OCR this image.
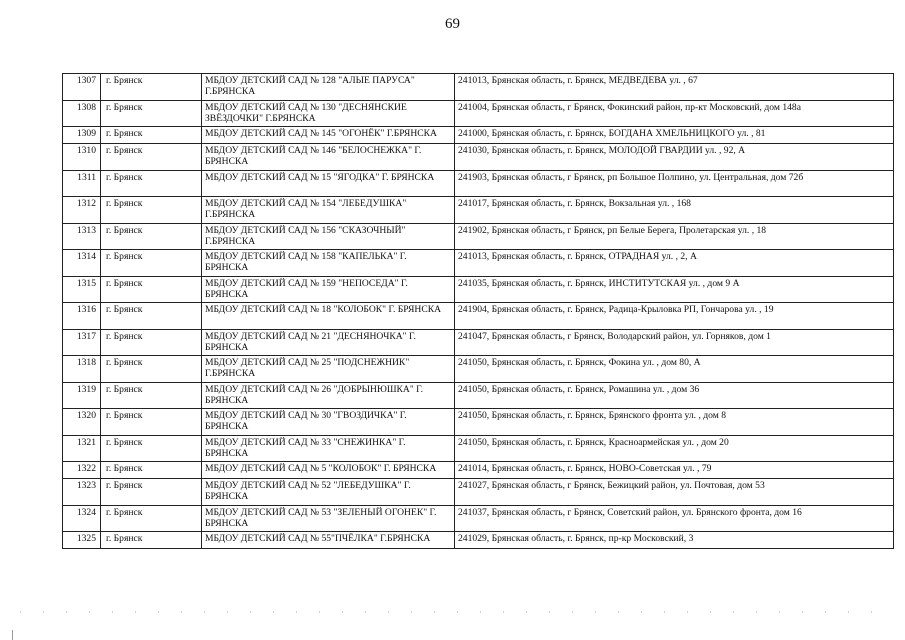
69
1307	г. Брянск	МБДОУ ДЕТСКИЙ САД № 128 "АЛЫЕ ПАРУСА" Г.БРЯНСКА	241013, Брянская область, г. Брянск, МЕДВЕДЕВА ул. , 67
1308	г. Брянск	МБДОУ ДЕТСКИЙ САД № 130 "ДЕСНЯНСКИЕ ЗВЁЗДОЧКИ" Г.БРЯНСКА	241004, Брянская область, г Брянск, Фокинский район, пр-кт Московский, дом 148а
1309	г. Брянск	МБДОУ ДЕТСКИЙ САД № 145 "ОГОНЁК" Г.БРЯНСКА	241000, Брянская область, г. Брянск, БОГДАНА ХМЕЛЬНИЦКОГО ул. , 81
1310	г. Брянск	МБДОУ ДЕТСКИЙ САД № 146 "БЕЛОСНЕЖКА" Г. БРЯНСКА	241030, Брянская область, г. Брянск, МОЛОДОЙ ГВАРДИИ ул. , 92, А
1311	г. Брянск	МБДОУ ДЕТСКИЙ САД № 15 "ЯГОДКА" Г. БРЯНСКА	241903, Брянская область, г Брянск, рп Большое Полпино, ул. Центральная, дом 72б
1312	г. Брянск	МБДОУ ДЕТСКИЙ САД № 154 "ЛЕБЕДУШКА" Г.БРЯНСКА	241017, Брянская область, г. Брянск, Вокзальная ул. , 168
1313	г. Брянск	МБДОУ ДЕТСКИЙ САД № 156 "СКАЗОЧНЫЙ" Г.БРЯНСКА	241902, Брянская область, г Брянск, рп Белые Берега, Пролетарская ул. , 18
1314	г. Брянск	МБДОУ ДЕТСКИЙ САД № 158 "КАПЕЛЬКА" Г. БРЯНСКА	241013, Брянская область, г. Брянск, ОТРАДНАЯ ул. , 2, А
1315	г. Брянск	МБДОУ ДЕТСКИЙ САД № 159 "НЕПОСЕДА" Г. БРЯНСКА	241035, Брянская область, г. Брянск, ИНСТИТУТСКАЯ ул. , дом 9 А
1316	г. Брянск	МБДОУ ДЕТСКИЙ САД № 18 "КОЛОБОК" Г. БРЯНСКА	241904, Брянская область, г. Брянск, Радица-Крыловка РП, Гончарова ул. , 19
1317	г. Брянск	МБДОУ ДЕТСКИЙ САД № 21 "ДЕСНЯНОЧКА" Г. БРЯНСКА	241047, Брянская область, г Брянск, Володарский район, ул. Горняков, дом 1
1318	г. Брянск	МБДОУ ДЕТСКИЙ САД № 25 "ПОДСНЕЖНИК" Г.БРЯНСКА	241050, Брянская область, г. Брянск, Фокина ул. , дом 80, А
1319	г. Брянск	МБДОУ ДЕТСКИЙ САД № 26 "ДОБРЫНЮШКА" Г. БРЯНСКА	241050, Брянская область, г. Брянск, Ромашина ул. , дом 36
1320	г. Брянск	МБДОУ ДЕТСКИЙ САД № 30 "ГВОЗДИЧКА" Г. БРЯНСКА	241050, Брянская область, г. Брянск, Брянского фронта ул. , дом 8
1321	г. Брянск	МБДОУ ДЕТСКИЙ САД № 33 "СНЕЖИНКА" Г. БРЯНСКА	241050, Брянская область, г. Брянск, Красноармейская ул. , дом 20
1322	г. Брянск	МБДОУ ДЕТСКИЙ САД № 5 "КОЛОБОК" Г. БРЯНСКА	241014, Брянская область, г. Брянск, НОВО-Советская ул. , 79
1323	г. Брянск	МБДОУ ДЕТСКИЙ САД № 52 "ЛЕБЕДУШКА" Г. БРЯНСКА	241027, Брянская область, г Брянск, Бежицкий район, ул. Почтовая, дом 53
1324	г. Брянск	МБДОУ ДЕТСКИЙ САД № 53 "ЗЕЛЕНЫЙ ОГОНЕК" Г. БРЯНСКА	241037, Брянская область, г Брянск, Советский район, ул. Брянского фронта, дом 16
1325	г. Брянск	МБДОУ ДЕТСКИЙ САД № 55"ПЧЁЛКА" Г.БРЯНСКА	241029, Брянская область, г. Брянск, пр-кр Московский, 3
